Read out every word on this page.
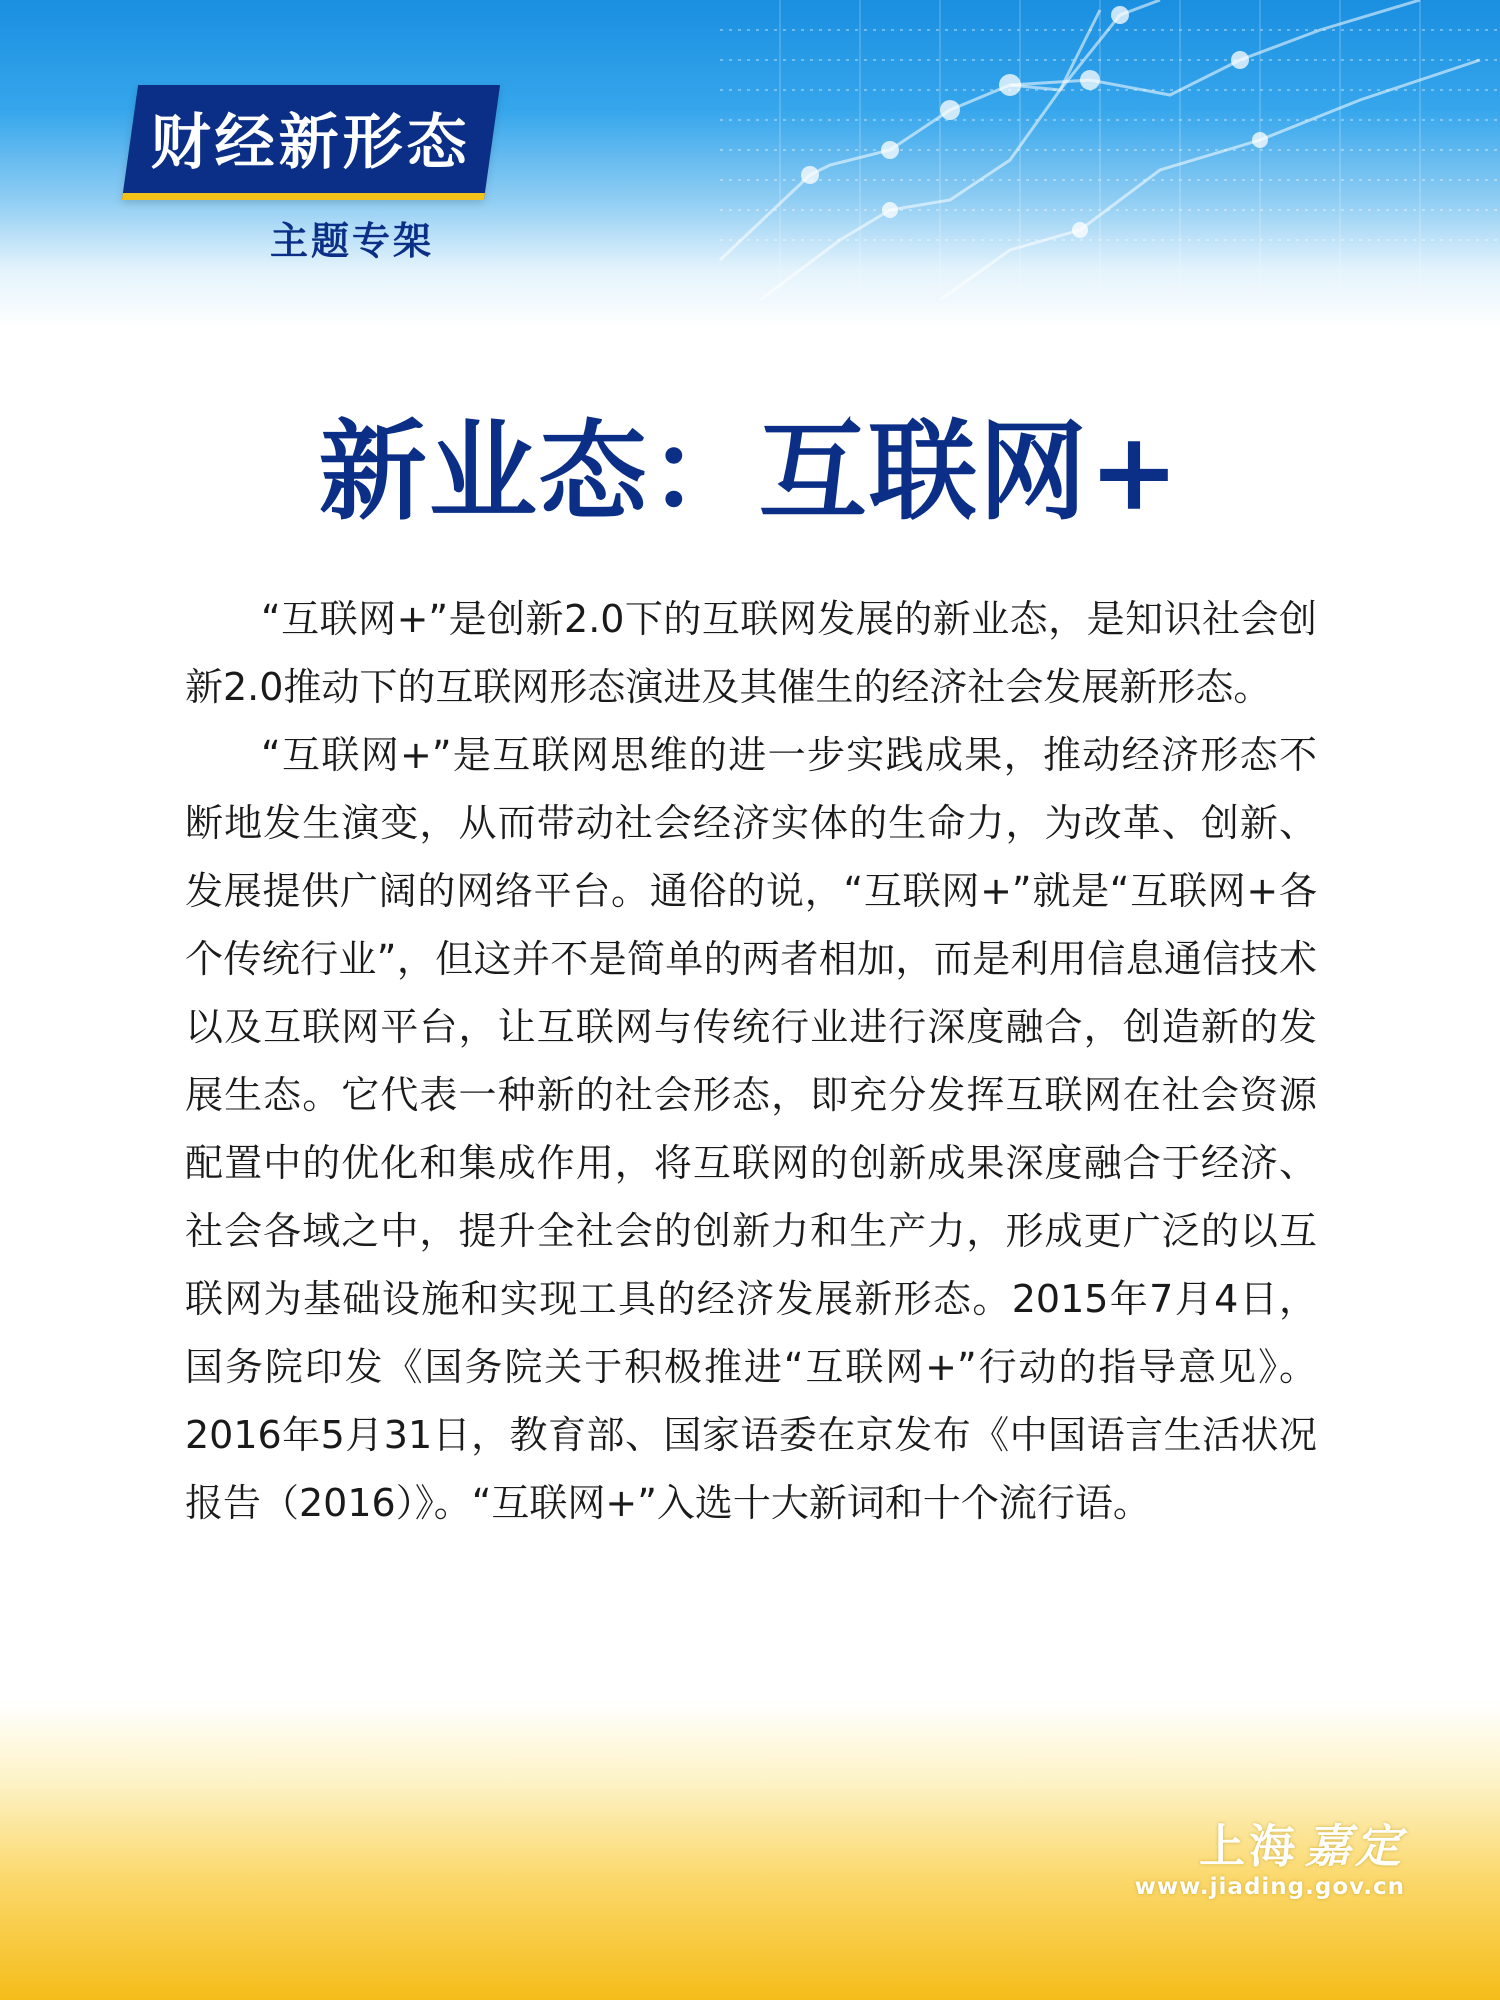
财经新形态
主题专架
新业态：互联网+

“互联网+”是创新2.0下的互联网发展的新业态，是知识社会创新2.0推动下的互联网形态演进及其催生的经济社会发展新形态。

“互联网+”是互联网思维的进一步实践成果，推动经济形态不断地发生演变，从而带动社会经济实体的生命力，为改革、创新、发展提供广阔的网络平台。通俗的说，“互联网+”就是“互联网+各个传统行业”，但这并不是简单的两者相加，而是利用信息通信技术以及互联网平台，让互联网与传统行业进行深度融合，创造新的发展生态。它代表一种新的社会形态，即充分发挥互联网在社会资源配置中的优化和集成作用，将互联网的创新成果深度融合于经济、社会各域之中，提升全社会的创新力和生产力，形成更广泛的以互联网为基础设施和实现工具的经济发展新形态。2015年7月4日，国务院印发《国务院关于积极推进“互联网+”行动的指导意见》。2016年5月31日，教育部、国家语委在京发布《中国语言生活状况报告（2016）》。“互联网+”入选十大新词和十个流行语。

上海 嘉定
www.jiading.gov.cn
